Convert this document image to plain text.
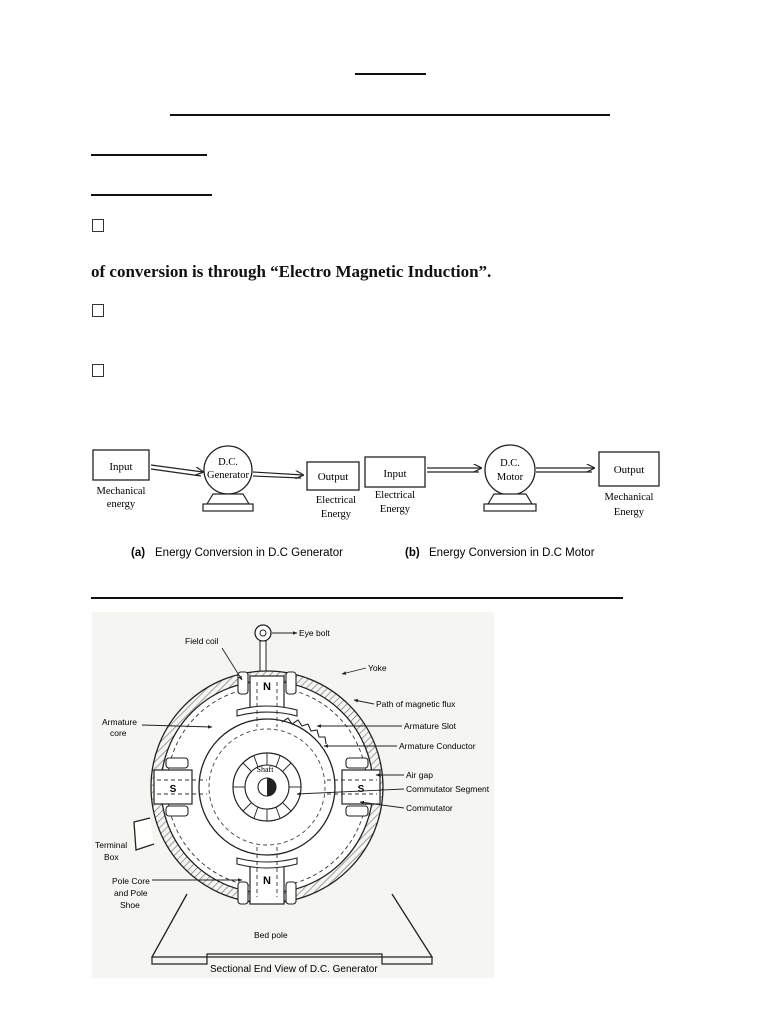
of conversion is through “Electro Magnetic Induction”.
Input
Mechanical
energy
D.C.
Generator	Output
Electrical
Energy
Input
Electrical
Energy
D.C.
Motor
Output
Mechanical
Energy
(a) Energy Conversion in D.C Generator	(b) Energy Conversion in D.C Motor
N
N
S	S
Shaft
Eye bolt
Field coil
Yoke
Path of magnetic flux
Armature
core
Armature Slot
Armature Conductor
Air gap
Commutator Segment
Commutator
Terminal
Box
Pole Core
and Pole
Shoe
Bed pole
Sectional End View of D.C. Generator
